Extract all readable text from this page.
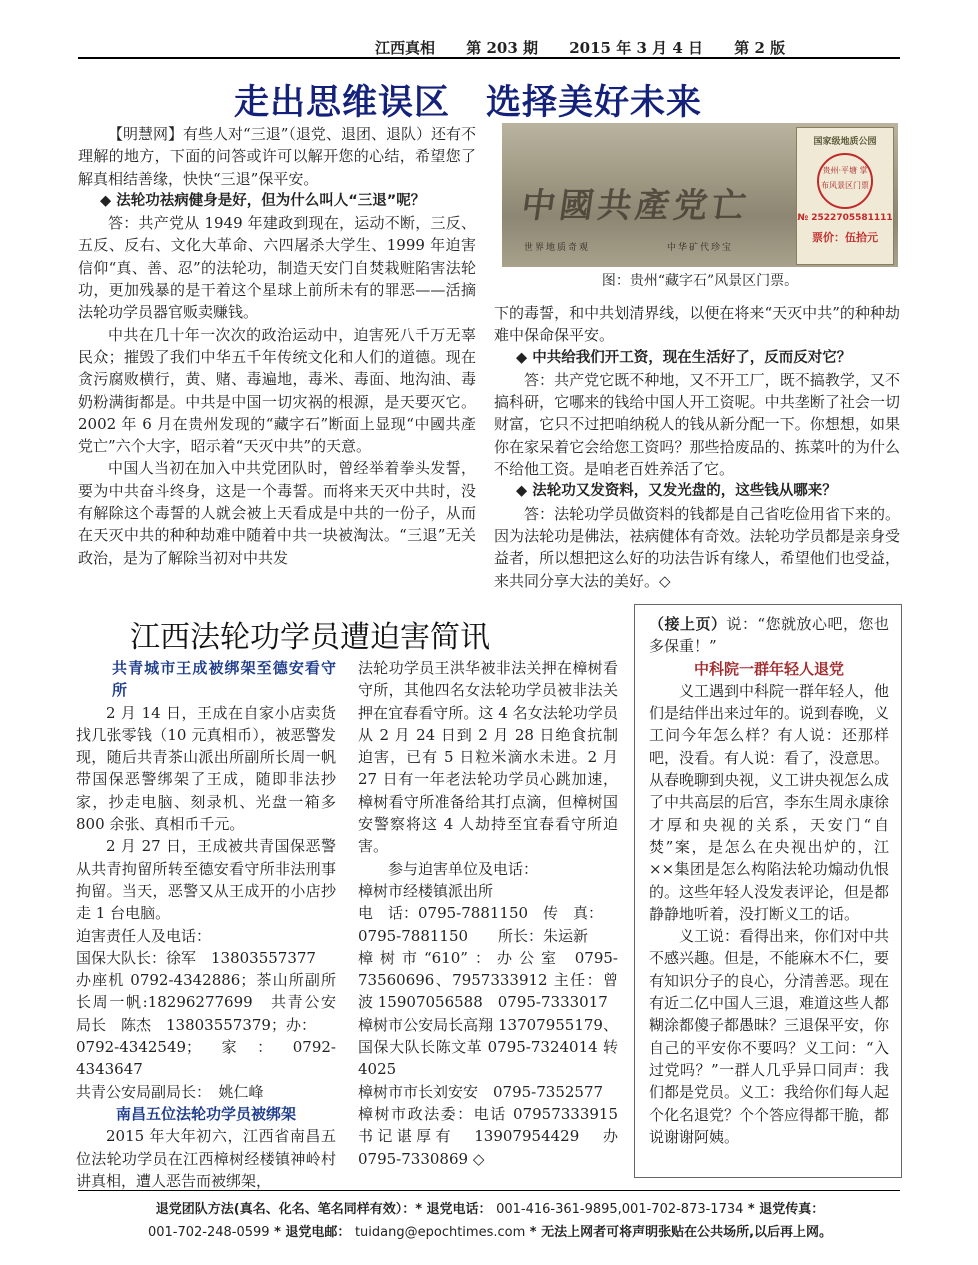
江西真相 第 203 期 2015 年 3 月 4 日 第 2 版
走出思维误区　选择美好未来

【明慧网】有些人对“三退”（退党、退团、退队）还有不理解的地方，下面的问答或许可以解开您的心结，希望您了解真相结善缘，快快“三退”保平安。

◆ 法轮功祛病健身是好，但为什么叫人“三退”呢？

答：共产党从 1949 年建政到现在，运动不断，三反、五反、反右、文化大革命、六四屠杀大学生、1999 年迫害信仰“真、善、忍”的法轮功，制造天安门自焚栽赃陷害法轮功，更加残暴的是干着这个星球上前所未有的罪恶——活摘法轮功学员器官贩卖赚钱。

中共在几十年一次次的政治运动中，迫害死八千万无辜民众；摧毁了我们中华五千年传统文化和人们的道德。现在贪污腐败横行，黄、赌、毒遍地，毒米、毒面、地沟油、毒奶粉满街都是。中共是中国一切灾祸的根源，是天要灭它。2002 年 6 月在贵州发现的“藏字石”断面上显现“中國共產党亡”六个大字，昭示着“天灭中共”的天意。

中国人当初在加入中共党团队时，曾经举着拳头发誓，要为中共奋斗终身，这是一个毒誓。而将来天灭中共时，没有解除这个毒誓的人就会被上天看成是中共的一份子，从而在天灭中共的种种劫难中随着中共一块被淘汰。“三退”无关政治，是为了解除当初对中共发

中國共產党亡
世界地质奇观　　　　　　　	中华矿代珍宝
国家级地质公园
贵州·平塘 掌布风景区门票
№ 2522705581111
票价：伍拾元
图：贵州“藏字石”风景区门票。

下的毒誓，和中共划清界线，以便在将来“天灭中共”的种种劫难中保命保平安。

◆ 中共给我们开工资，现在生活好了，反而反对它？

答：共产党它既不种地，又不开工厂，既不搞教学，又不搞科研，它哪来的钱给中国人开工资呢。中共垄断了社会一切财富，它只不过把咱纳税人的钱从新分配一下。你想想，如果你在家呆着它会给您工资吗？那些拾废品的、拣菜叶的为什么不给他工资。是咱老百姓养活了它。

◆ 法轮功又发资料，又发光盘的，这些钱从哪来？

答：法轮功学员做资料的钱都是自己省吃俭用省下来的。因为法轮功是佛法，祛病健体有奇效。法轮功学员都是亲身受益者，所以想把这么好的功法告诉有缘人，希望他们也受益，来共同分享大法的美好。◇

江西法轮功学员遭迫害简讯

共青城市王成被绑架至德安看守所

2 月 14 日，王成在自家小店卖货找几张零钱（10 元真相币），被恶警发现，随后共青茶山派出所副所长周一帆带国保恶警绑架了王成，随即非法抄家，抄走电脑、刻录机、光盘一箱多 800 余张、真相币千元。

2 月 27 日，王成被共青国保恶警从共青拘留所转至德安看守所非法刑事拘留。当天，恶警又从王成开的小店抄走 1 台电脑。

迫害责任人及电话：

国保大队长：徐军　13803557377

办座机 0792-4342886；茶山所副所长周一帆:18296277699　共青公安局长　陈杰　13803557379；办：

0792-4342549；家：0792-4343647

共青公安局副局长：　姚仁峰

南昌五位法轮功学员被绑架

2015 年大年初六，江西省南昌五位法轮功学员在江西樟树经楼镇神岭村讲真相，遭人恶告而被绑架，

法轮功学员王洪华被非法关押在樟树看守所，其他四名女法轮功学员被非法关押在宜春看守所。这 4 名女法轮功学员从 2 月 24 日到 2 月 28 日绝食抗制迫害，已有 5 日粒米滴水未进。2 月 27 日有一年老法轮功学员心跳加速，樟树看守所准备给其打点滴，但樟树国安警察将这 4 人劫持至宜春看守所迫害。

参与迫害单位及电话：

樟树市经楼镇派出所

电　话：0795-7881150　传　真：

0795-7881150　　所长：朱运新

樟树市“610”：办公室 0795-73560696、7957333912 主任：曾波 15907056588　0795-7333017

樟树市公安局长高翔 13707955179、国保大队长陈文革 0795-7324014 转 4025

樟树市市长刘安安　0795-7352577

樟树市政法委：电话 07957333915　书记谌厚有　13907954429　办 0795-7330869 ◇

（接上页）说：“您就放心吧，您也多保重！”

中科院一群年轻人退党

义工遇到中科院一群年轻人，他们是结伴出来过年的。说到春晚，义工问今年怎么样？有人说：还那样吧，没看。有人说：看了，没意思。从春晚聊到央视，义工讲央视怎么成了中共高层的后宫，李东生周永康徐才厚和央视的关系，天安门“自焚”案，是怎么在央视出炉的，江××集团是怎么构陷法轮功煽动仇恨的。这些年轻人没发表评论，但是都静静地听着，没打断义工的话。

义工说：看得出来，你们对中共不感兴趣。但是，不能麻木不仁，要有知识分子的良心，分清善恶。现在有近二亿中国人三退，难道这些人都糊涂都傻子都愚昧？三退保平安，你自己的平安你不要吗？义工问：“入过党吗？”一群人几乎异口同声：我们都是党员。义工：我给你们每人起个化名退党？个个答应得都干脆，都说谢谢阿姨。

退党团队方法(真名、化名、笔名同样有效）：* 退党电话： 001-416-361-9895,001-702-873-1734 * 退党传真：
001-702-248-0599 * 退党电邮： tuidang@epochtimes.com * 无法上网者可将声明张贴在公共场所,以后再上网。
